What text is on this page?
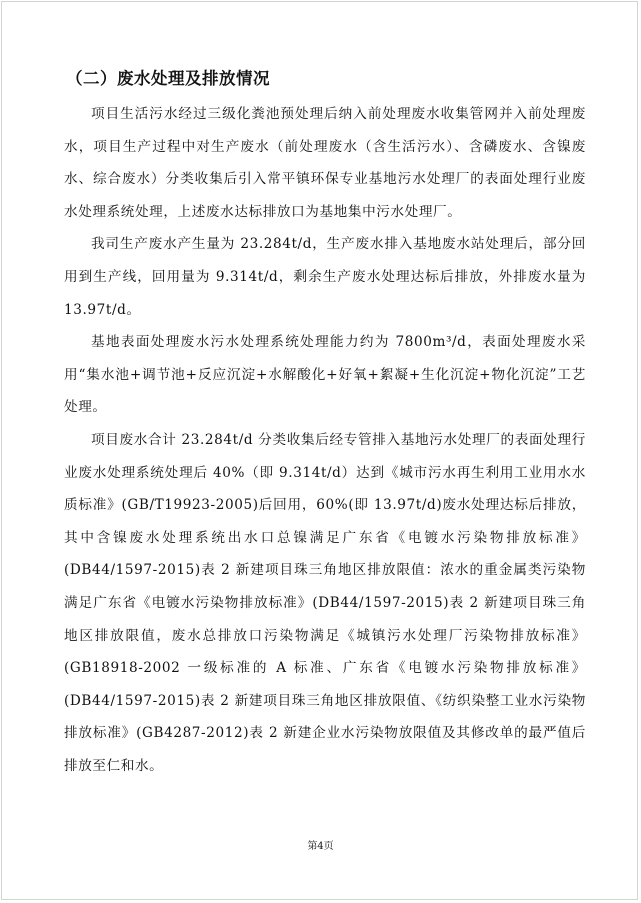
（二）废水处理及排放情况

项目生活污水经过三级化粪池预处理后纳入前处理废水收集管网并入前处理废水，项目生产过程中对生产废水（前处理废水（含生活污水）、含磷废水、含镍废水、综合废水）分类收集后引入常平镇环保专业基地污水处理厂的表面处理行业废水处理系统处理，上述废水达标排放口为基地集中污水处理厂。

我司生产废水产生量为 23.284t/d，生产废水排入基地废水站处理后，部分回用到生产线，回用量为 9.314t/d，剩余生产废水处理达标后排放，外排废水量为 13.97t/d。

基地表面处理废水污水处理系统处理能力约为 7800m³/d，表面处理废水采用“集水池+调节池+反应沉淀+水解酸化+好氧+絮凝+生化沉淀+物化沉淀”工艺处理。

项目废水合计 23.284t/d 分类收集后经专管排入基地污水处理厂的表面处理行业废水处理系统处理后 40%（即 9.314t/d）达到《城市污水再生利用工业用水水质标准》(GB/T19923-2005)后回用，60%(即 13.97t/d)废水处理达标后排放，其中含镍废水处理系统出水口总镍满足广东省《电镀水污染物排放标准》(DB44/1597-2015)表 2 新建项目珠三角地区排放限值：浓水的重金属类污染物满足广东省《电镀水污染物排放标准》(DB44/1597-2015)表 2 新建项目珠三角地区排放限值，废水总排放口污染物满足《城镇污水处理厂污染物排放标准》(GB18918-2002 一级标准的 A 标准、广东省《电镀水污染物排放标准》(DB44/1597-2015)表 2 新建项目珠三角地区排放限值、《纺织染整工业水污染物排放标准》(GB4287-2012)表 2 新建企业水污染物放限值及其修改单的最严值后排放至仁和水。

第4页
